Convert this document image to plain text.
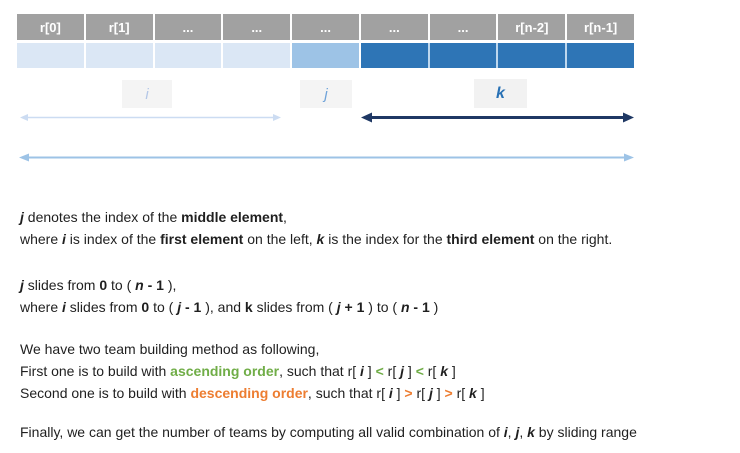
r[0]	r[1]	...	...	...	...	...	r[n-2]	r[n-1]
i	j	k
j denotes the index of the middle element,
where i is index of the first element on the left, k is the index for the third element on the right.
j slides from 0 to ( n - 1 ),
where i slides from 0 to ( j - 1 ), and k slides from ( j + 1 ) to ( n - 1 )
We have two team building method as following,
First one is to build with ascending order, such that r[ i ] < r[ j ] < r[ k ]
Second one is to build with descending order, such that r[ i ] > r[ j ] > r[ k ]
Finally, we can get the number of teams by computing all valid combination of i, j, k by sliding range
